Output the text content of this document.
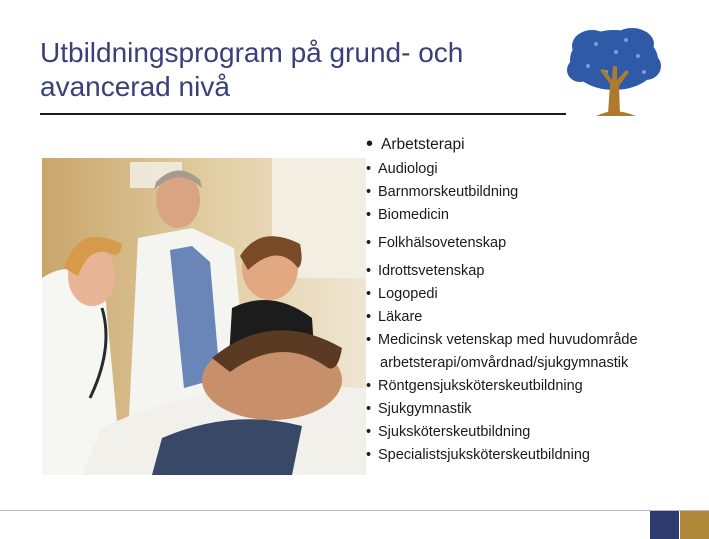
Utbildningsprogram på grund- och avancerad nivå
• Arbetsterapi
• Audiologi
• Barnmorskeutbildning
• Biomedicin
• Folkhälsovetenskap
• Idrottsvetenskap
• Logopedi
• Läkare
• Medicinsk vetenskap med huvudområde
arbetsterapi/omvårdnad/sjukgymnastik
• Röntgensjuksköterskeutbildning
• Sjukgymnastik
• Sjuksköterskeutbildning
• Specialistsjuksköterskeutbildning
